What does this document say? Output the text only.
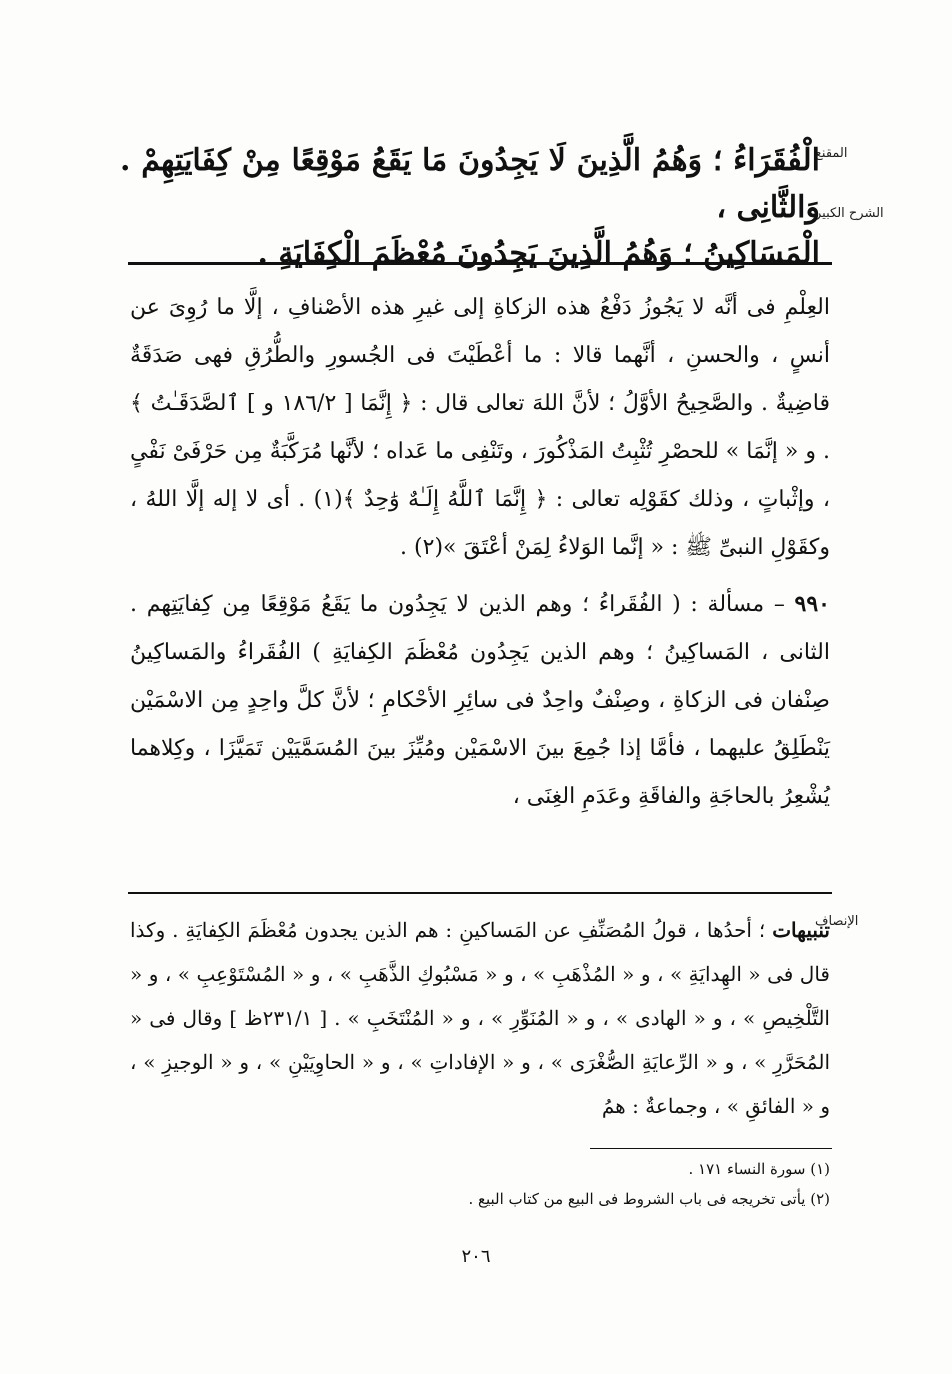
المقنع
الشرح الكبير
الإنصاف

الْفُقَرَاءُ ؛ وَهُمُ الَّذِينَ لَا يَجِدُونَ مَا يَقَعُ مَوْقِعًا مِنْ كِفَايَتِهِمْ . وَالثَّانِى ،

الْمَسَاكِينُ ؛ وَهُمُ الَّذِينَ يَجِدُونَ مُعْظَمَ الْكِفَايَةِ .

العِلْمِ فى أنَّه لا يَجُوزُ دَفْعُ هذه الزكاةِ إلى غيرِ هذه الأصْنافِ ، إلَّا ما رُوِىَ عن أنسٍ ، والحسنِ ، أنَّهما قالا : ما أعْطَيْتَ فى الجُسورِ والطُّرُقِ فهى صَدَقَةٌ قاضِيةٌ . والصَّحِيحُ الأوَّلُ ؛ لأنَّ اللهَ تعالى قال : ﴿ إِنَّمَا [ ١٨٦/٢ و ] ٱلصَّدَقَـٰتُ ﴾ . و « إنَّمَا » للحصْرِ تُثْبِتُ المَذْكُورَ ، وتَنْفِى ما عَداه ؛ لأنَّها مُرَكَّبَةٌ مِن حَرْفَىْ نَفْىٍ ، وإثْباتٍ ، وذلك كقَوْلِه تعالى : ﴿ إِنَّمَا ٱللَّهُ إِلَـٰهٌ وَٰحِدٌ ﴾(١) . أى لا إله إلَّا اللهُ ، وكقَوْلِ النبىِّ ﷺ : « إنَّما الوَلاءُ لِمَنْ أعْتَقَ »(٢) .

٩٩٠ – مسألة : ( الفُقَراءُ ؛ وهم الذين لا يَجِدُون ما يَقَعُ مَوْقِعًا مِن كِفايَتِهم . الثانى ، المَساكِينُ ؛ وهم الذين يَجِدُون مُعْظَمَ الكِفايَةِ ) الفُقَراءُ والمَساكِينُ صِنْفان فى الزكاةِ ، وصِنْفٌ واحِدٌ فى سائِرِ الأحْكامِ ؛ لأنَّ كلَّ واحِدٍ مِن الاسْمَيْن يَنْطَلِقُ عليهما ، فأمَّا إذا جُمِعَ بينَ الاسْمَيْن ومُيِّزَ بينَ المُسَمَّيَيْن تَمَيَّزَا ، وكِلاهما يُشْعِرُ بالحاجَةِ والفاقَةِ وعَدَمِ الغِنَى ،

تنبيهات ؛ أحدُها ، قولُ المُصَنِّفِ عن المَساكينِ : هم الذين يجدون مُعْظَمَ الكِفايَةِ . وكذا قال فى « الهِدايَةِ » ، و « المُذْهَبِ » ، و « مَسْبُوكِ الذَّهَبِ » ، و « المُسْتَوْعِبِ » ، و « التَّلْخِيصِ » ، و « الهادى » ، و « المُنَوِّرِ » ، و « المُنْتَخَبِ » . [ ٢٣١/١ظ ] وقال فى « المُحَرَّرِ » ، و « الرِّعايَةِ الصُّغْرَى » ، و « الإفاداتِ » ، و « الحاوِيَيْنِ » ، و « الوجيزِ » ، و « الفائقِ » ، وجماعةٌ : همُ

(١) سورة النساء ١٧١ .

(٢) يأتى تخريجه فى باب الشروط فى البيع من كتاب البيع .

٢٠٦
